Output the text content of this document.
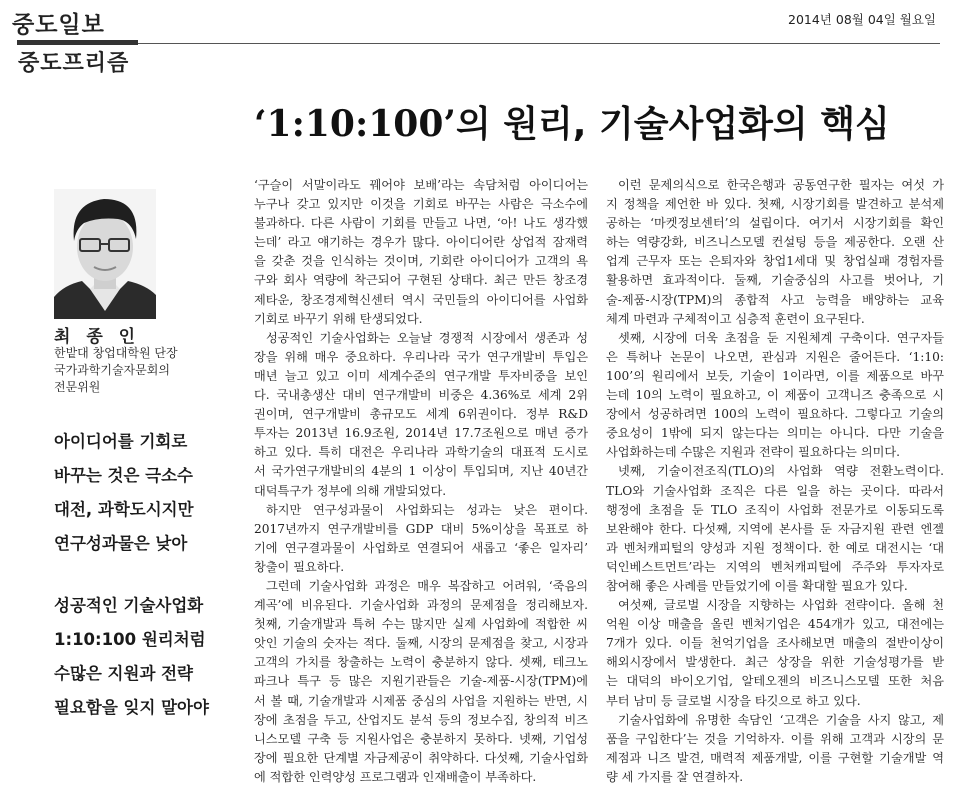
중도일보	2014년 08월 04일 월요일
중도프리즘
‘1:10:100’의 원리, 기술사업화의 핵심
최 종 인
한밭대 창업대학원 단장
국가과학기술자문회의
전문위원
아이디어를 기회로
바꾸는 것은 극소수
대전, 과학도시지만
연구성과물은 낮아
성공적인 기술사업화
1:10:100 원리처럼
수많은 지원과 전략
필요함을 잊지 말아야

‘구슬이 서말이라도 꿰어야 보배’라는 속담처럼 아이디어는
누구나 갖고 있지만 이것을 기회로 바꾸는 사람은 극소수에
불과하다. 다른 사람이 기회를 만들고 나면, ‘아! 나도 생각했
는데’ 라고 얘기하는 경우가 많다. 아이디어란 상업적 잠재력
을 갖춘 것을 인식하는 것이며, 기회란 아이디어가 고객의 욕
구와 회사 역량에 착근되어 구현된 상태다. 최근 만든 창조경
제타운, 창조경제혁신센터 역시 국민들의 아이디어를 사업화
기회로 바꾸기 위해 탄생되었다.

성공적인 기술사업화는 오늘날 경쟁적 시장에서 생존과 성
장을 위해 매우 중요하다. 우리나라 국가 연구개발비 투입은
매년 늘고 있고 이미 세계수준의 연구개발 투자비중을 보인
다. 국내총생산 대비 연구개발비 비중은 4.36%로 세계 2위
권이며, 연구개발비 총규모도 세계 6위권이다. 정부 R&D
투자는 2013년 16.9조원, 2014년 17.7조원으로 매년 증가
하고 있다. 특히 대전은 우리나라 과학기술의 대표적 도시로
서 국가연구개발비의 4분의 1 이상이 투입되며, 지난 40년간
대덕특구가 정부에 의해 개발되었다.

하지만 연구성과물이 사업화되는 성과는 낮은 편이다.
2017년까지 연구개발비를 GDP 대비 5%이상을 목표로 하
기에 연구결과물이 사업화로 연결되어 새롭고 ‘좋은 일자리’
창출이 필요하다.

그런데 기술사업화 과정은 매우 복잡하고 어려워, ‘죽음의
계곡’에 비유된다. 기술사업화 과정의 문제점을 정리해보자.
첫째, 기술개발과 특허 수는 많지만 실제 사업화에 적합한 씨
앗인 기술의 숫자는 적다. 둘째, 시장의 문제점을 찾고, 시장과
고객의 가치를 창출하는 노력이 충분하지 않다. 셋째, 테크노
파크나 특구 등 많은 지원기관들은 기술-제품-시장(TPM)에
서 볼 때, 기술개발과 시제품 중심의 사업을 지원하는 반면, 시
장에 초점을 두고, 산업지도 분석 등의 정보수집, 창의적 비즈
니스모델 구축 등 지원사업은 충분하지 못하다. 넷째, 기업성
장에 필요한 단계별 자금제공이 취약하다. 다섯째, 기술사업화
에 적합한 인력양성 프로그램과 인재배출이 부족하다.

이런 문제의식으로 한국은행과 공동연구한 필자는 여섯 가
지 정책을 제언한 바 있다. 첫째, 시장기회를 발견하고 분석제
공하는 ‘마켓정보센터’의 설립이다. 여기서 시장기회를 확인
하는 역량강화, 비즈니스모델 컨설팅 등을 제공한다. 오랜 산
업계 근무자 또는 은퇴자와 창업1세대 및 창업실패 경험자를
활용하면 효과적이다. 둘째, 기술중심의 사고를 벗어나, 기
술-제품-시장(TPM)의 종합적 사고 능력을 배양하는 교육
체계 마련과 구체적이고 심층적 훈련이 요구된다.

셋째, 시장에 더욱 초점을 둔 지원체계 구축이다. 연구자들
은 특허나 논문이 나오면, 관심과 지원은 줄어든다. ‘1:10:
100’의 원리에서 보듯, 기술이 1이라면, 이를 제품으로 바꾸
는데 10의 노력이 필요하고, 이 제품이 고객니즈 충족으로 시
장에서 성공하려면 100의 노력이 필요하다. 그렇다고 기술의
중요성이 1밖에 되지 않는다는 의미는 아니다. 다만 기술을
사업화하는데 수많은 지원과 전략이 필요하다는 의미다.

넷째, 기술이전조직(TLO)의 사업화 역량 전환노력이다.
TLO와 기술사업화 조직은 다른 일을 하는 곳이다. 따라서
행정에 초점을 둔 TLO 조직이 사업화 전문가로 이동되도록
보완해야 한다. 다섯째, 지역에 본사를 둔 자금지원 관련 엔젤
과 벤처캐피털의 양성과 지원 정책이다. 한 예로 대전시는 ‘대
덕인베스트먼트’라는 지역의 벤처캐피털에 주주와 투자자로
참여해 좋은 사례를 만들었기에 이를 확대할 필요가 있다.

여섯째, 글로벌 시장을 지향하는 사업화 전략이다. 올해 천
억원 이상 매출을 올린 벤처기업은 454개가 있고, 대전에는
7개가 있다. 이들 천억기업을 조사해보면 매출의 절반이상이
해외시장에서 발생한다. 최근 상장을 위한 기술성평가를 받
는 대덕의 바이오기업, 알테오젠의 비즈니스모델 또한 처음
부터 남미 등 글로벌 시장을 타깃으로 하고 있다.

기술사업화에 유명한 속담인 ‘고객은 기술을 사지 않고, 제
품을 구입한다’는 것을 기억하자. 이를 위해 고객과 시장의 문
제점과 니즈 발견, 매력적 제품개발, 이를 구현할 기술개발 역
량 세 가지를 잘 연결하자.
